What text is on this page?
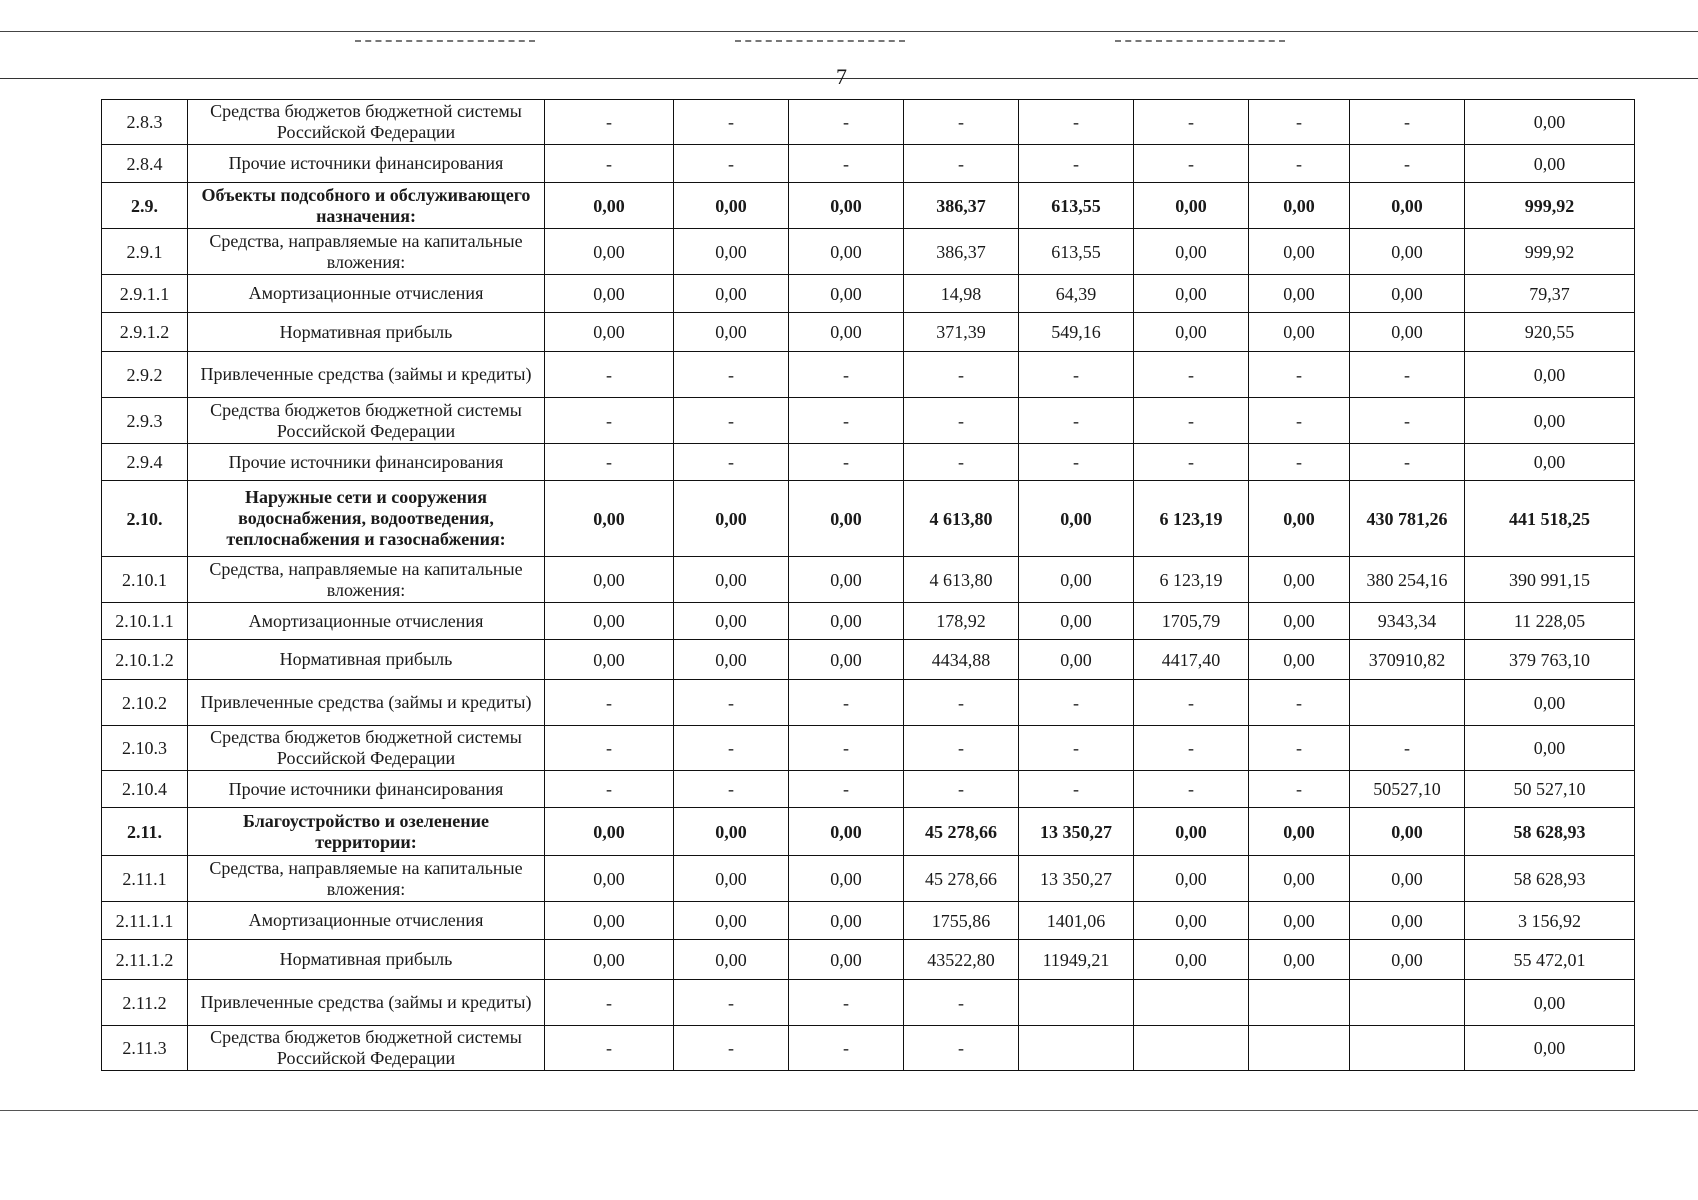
7
2.8.3	Средства бюджетов бюджетной системы Российской Федерации	-	-	-	-	-	-	-	-	0,00
2.8.4	Прочие источники финансирования	-	-	-	-	-	-	-	-	0,00
2.9.	Объекты подсобного и обслуживающего назначения:	0,00	0,00	0,00	386,37	613,55	0,00	0,00	0,00	999,92
2.9.1	Средства, направляемые на капитальные вложения:	0,00	0,00	0,00	386,37	613,55	0,00	0,00	0,00	999,92
2.9.1.1	Амортизационные отчисления	0,00	0,00	0,00	14,98	64,39	0,00	0,00	0,00	79,37
2.9.1.2	Нормативная прибыль	0,00	0,00	0,00	371,39	549,16	0,00	0,00	0,00	920,55
2.9.2	Привлеченные средства (займы и кредиты)	-	-	-	-	-	-	-	-	0,00
2.9.3	Средства бюджетов бюджетной системы Российской Федерации	-	-	-	-	-	-	-	-	0,00
2.9.4	Прочие источники финансирования	-	-	-	-	-	-	-	-	0,00
2.10.	Наружные сети и сооружения водоснабжения, водоотведения, теплоснабжения и газоснабжения:	0,00	0,00	0,00	4 613,80	0,00	6 123,19	0,00	430 781,26	441 518,25
2.10.1	Средства, направляемые на капитальные вложения:	0,00	0,00	0,00	4 613,80	0,00	6 123,19	0,00	380 254,16	390 991,15
2.10.1.1	Амортизационные отчисления	0,00	0,00	0,00	178,92	0,00	1705,79	0,00	9343,34	11 228,05
2.10.1.2	Нормативная прибыль	0,00	0,00	0,00	4434,88	0,00	4417,40	0,00	370910,82	379 763,10
2.10.2	Привлеченные средства (займы и кредиты)	-	-	-	-	-	-	-		0,00
2.10.3	Средства бюджетов бюджетной системы Российской Федерации	-	-	-	-	-	-	-	-	0,00
2.10.4	Прочие источники финансирования	-	-	-	-	-	-	-	50527,10	50 527,10
2.11.	Благоустройство и озеленение территории:	0,00	0,00	0,00	45 278,66	13 350,27	0,00	0,00	0,00	58 628,93
2.11.1	Средства, направляемые на капитальные вложения:	0,00	0,00	0,00	45 278,66	13 350,27	0,00	0,00	0,00	58 628,93
2.11.1.1	Амортизационные отчисления	0,00	0,00	0,00	1755,86	1401,06	0,00	0,00	0,00	3 156,92
2.11.1.2	Нормативная прибыль	0,00	0,00	0,00	43522,80	11949,21	0,00	0,00	0,00	55 472,01
2.11.2	Привлеченные средства (займы и кредиты)	-	-	-	-					0,00
2.11.3	Средства бюджетов бюджетной системы Российской Федерации	-	-	-	-					0,00
